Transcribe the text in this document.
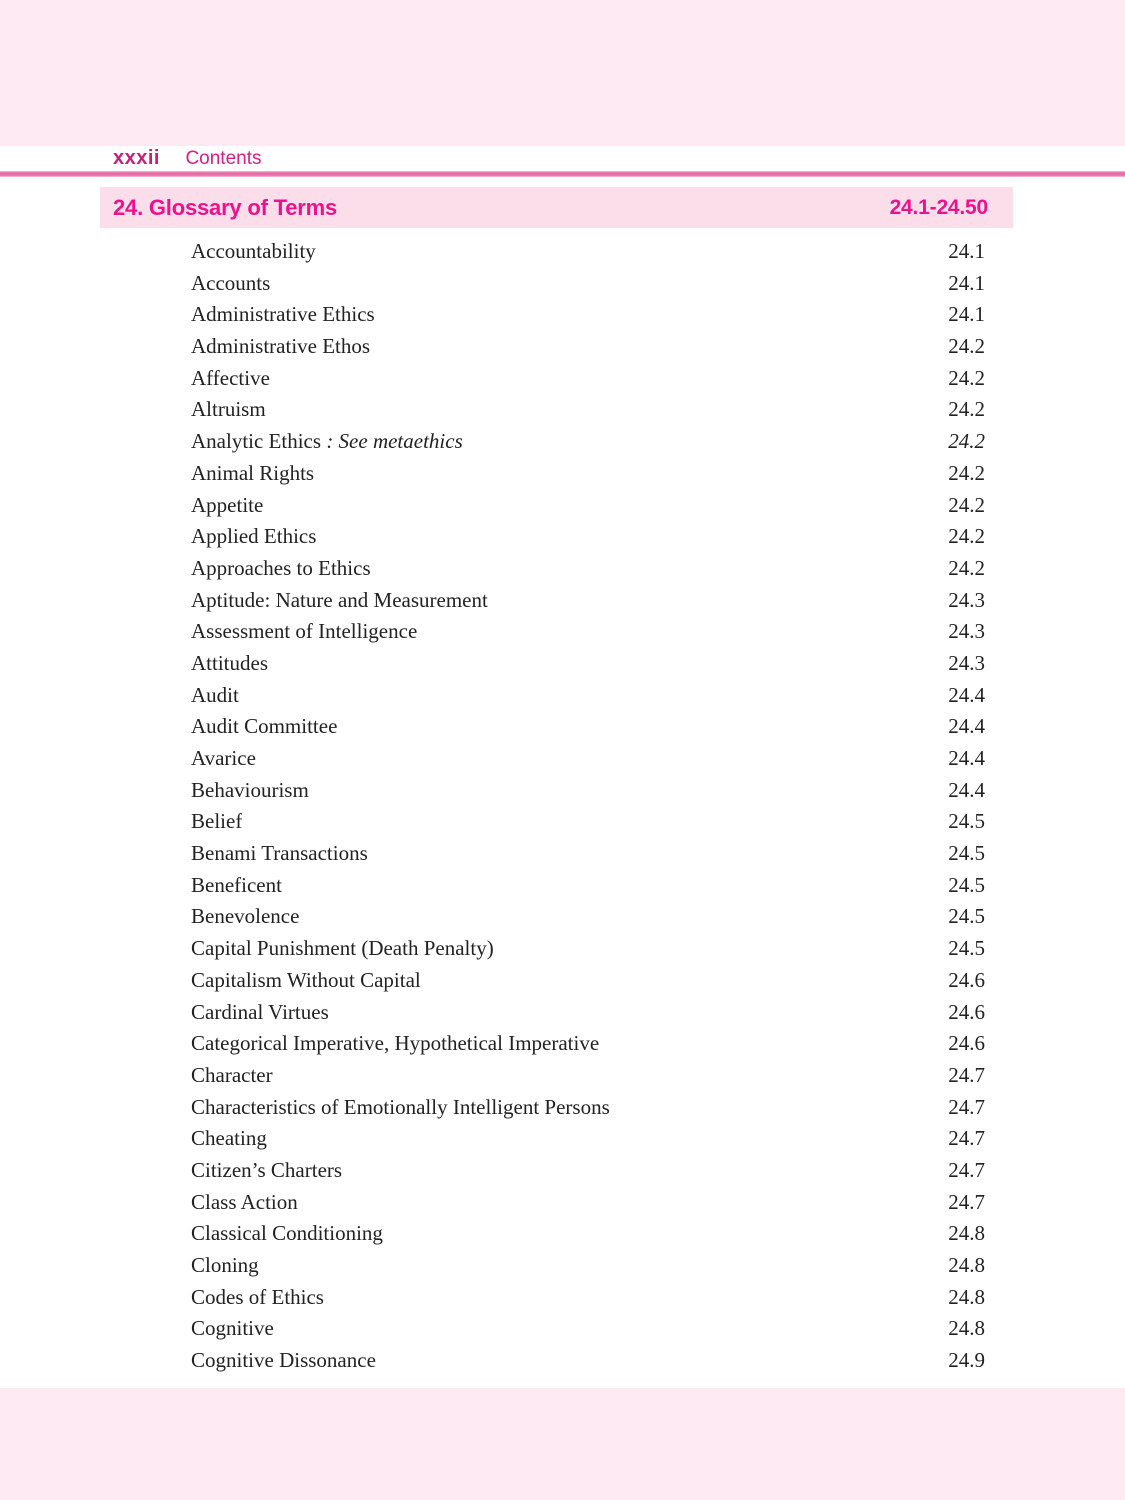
xxxii Contents
24. Glossary of Terms	24.1-24.50
Accountability	24.1
Accounts	24.1
Administrative Ethics	24.1
Administrative Ethos	24.2
Affective	24.2
Altruism	24.2
Analytic Ethics : See metaethics	24.2
Animal Rights	24.2
Appetite	24.2
Applied Ethics	24.2
Approaches to Ethics	24.2
Aptitude: Nature and Measurement	24.3
Assessment of Intelligence	24.3
Attitudes	24.3
Audit	24.4
Audit Committee	24.4
Avarice	24.4
Behaviourism	24.4
Belief	24.5
Benami Transactions	24.5
Beneficent	24.5
Benevolence	24.5
Capital Punishment (Death Penalty)	24.5
Capitalism Without Capital	24.6
Cardinal Virtues	24.6
Categorical Imperative, Hypothetical Imperative	24.6
Character	24.7
Characteristics of Emotionally Intelligent Persons	24.7
Cheating	24.7
Citizen’s Charters	24.7
Class Action	24.7
Classical Conditioning	24.8
Cloning	24.8
Codes of Ethics	24.8
Cognitive	24.8
Cognitive Dissonance	24.9
